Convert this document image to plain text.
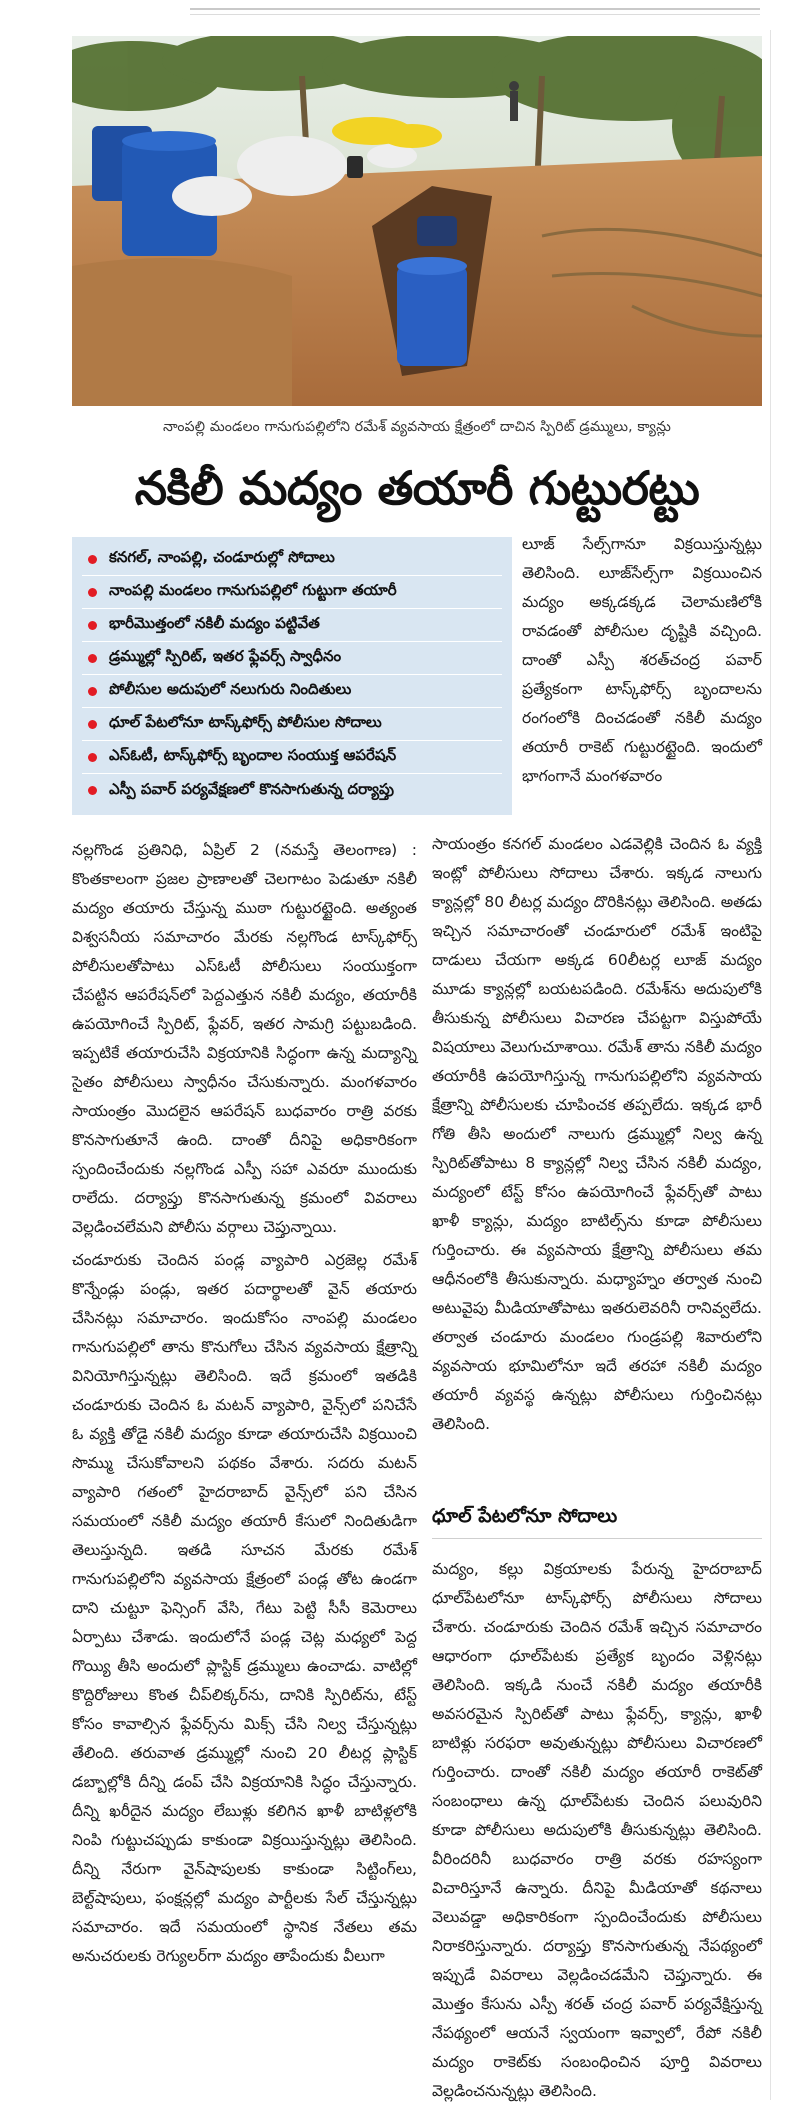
నాంపల్లి మండలం గానుగుపల్లిలోని రమేశ్ వ్యవసాయ క్షేత్రంలో దాచిన స్పిరిట్ డ్రమ్ములు, క్యాన్లు
నకిలీ మద్యం తయారీ గుట్టురట్టు
కనగల్, నాంపల్లి, చండూరుల్లో సోదాలు
నాంపల్లి మండలం గానుగుపల్లిలో గుట్టుగా తయారీ
భారీమొత్తంలో నకిలీ మద్యం పట్టివేత
డ్రమ్ముల్లో స్పిరిట్, ఇతర ఫ్లేవర్స్ స్వాధీనం
పోలీసుల అదుపులో నలుగురు నిందితులు
ధూల్ పేటలోనూ టాస్క్‌ఫోర్స్ పోలీసుల సోదాలు
ఎస్ఓటీ, టాస్క్‌ఫోర్స్ బృందాల సంయుక్త ఆపరేషన్
ఎస్పీ పవార్ పర్యవేక్షణలో కొనసాగుతున్న దర్యాప్తు

లూజ్ సేల్స్‌గానూ విక్రయిస్తున్నట్లు తెలిసింది. లూజ్‌సేల్స్‌గా విక్రయించిన మద్యం అక్కడక్కడ చెలామణిలోకి రావడంతో పోలీసుల దృష్టికి వచ్చింది. దాంతో ఎస్పీ శరత్‌చంద్ర పవార్ ప్రత్యేకంగా టాస్క్‌ఫోర్స్ బృందాలను రంగంలోకి దించడంతో నకిలీ మద్యం తయారీ రాకెట్ గుట్టురట్టైంది. ఇందులో భాగంగానే మంగళవారం

నల్లగొండ ప్రతినిధి, ఏప్రిల్ 2 (నమస్తే తెలంగాణ) : కొంతకాలంగా ప్రజల ప్రాణాలతో చెలగాటం పెడుతూ నకిలీ మద్యం తయారు చేస్తున్న ముఠా గుట్టురట్టైంది. అత్యంత విశ్వసనీయ సమాచారం మేరకు నల్లగొండ టాస్క్‌ఫోర్స్ పోలీసులతోపాటు ఎస్ఓటీ పోలీసులు సంయుక్తంగా చేపట్టిన ఆపరేషన్‌లో పెద్దఎత్తున నకిలీ మద్యం, తయారీకి ఉపయోగించే స్పిరిట్, ఫ్లేవర్, ఇతర సామగ్రి పట్టుబడింది. ఇప్పటికే తయారుచేసి విక్రయానికి సిద్ధంగా ఉన్న మద్యాన్ని సైతం పోలీసులు స్వాధీనం చేసుకున్నారు. మంగళవారం సాయంత్రం మొదలైన ఆపరేషన్ బుధవారం రాత్రి వరకు కొనసాగుతూనే ఉంది. దాంతో దీనిపై అధికారికంగా స్పందించేందుకు నల్లగొండ ఎస్పీ సహా ఎవరూ ముందుకు రాలేదు. దర్యాప్తు కొనసాగుతున్న క్రమంలో వివరాలు వెల్లడించలేమని పోలీసు వర్గాలు చెప్తున్నాయి.

చండూరుకు చెందిన పండ్ల వ్యాపారి ఎర్రజెల్ల రమేశ్ కొన్నేండ్లు పండ్లు, ఇతర పదార్థాలతో వైన్ తయారు చేసినట్లు సమాచారం. ఇందుకోసం నాంపల్లి మండలం గానుగుపల్లిలో తాను కొనుగోలు చేసిన వ్యవసాయ క్షేత్రాన్ని వినియోగిస్తున్నట్లు తెలిసింది. ఇదే క్రమంలో ఇతడికి చండూరుకు చెందిన ఓ మటన్ వ్యాపారి, వైన్స్‌లో పనిచేసే ఓ వ్యక్తి తోడై నకిలీ మద్యం కూడా తయారుచేసి విక్రయించి సొమ్ము చేసుకోవాలని పథకం వేశారు. సదరు మటన్ వ్యాపారి గతంలో హైదరాబాద్ వైన్స్‌లో పని చేసిన సమయంలో నకిలీ మద్యం తయారీ కేసులో నిందితుడిగా తెలుస్తున్నది. ఇతడి సూచన మేరకు రమేశ్ గానుగుపల్లిలోని వ్యవసాయ క్షేత్రంలో పండ్ల తోట ఉండగా దాని చుట్టూ ఫెన్సింగ్ వేసి, గేటు పెట్టి సీసీ కెమెరాలు ఏర్పాటు చేశాడు. ఇందులోనే పండ్ల చెట్ల మధ్యలో పెద్ద గొయ్యి తీసి అందులో ప్లాస్టిక్ డ్రమ్ములు ఉంచాడు. వాటిల్లో కొద్దిరోజులు కొంత చీప్‌లిక్కర్‌ను, దానికి స్పిరిట్‌ను, టేస్ట్ కోసం కావాల్సిన ఫ్లేవర్స్‌ను మిక్స్ చేసి నిల్వ చేస్తున్నట్లు తేలింది. తరువాత డ్రమ్ముల్లో నుంచి 20 లీటర్ల ప్లాస్టిక్ డబ్బాల్లోకి దీన్ని డంప్ చేసి విక్రయానికి సిద్ధం చేస్తున్నారు. దీన్ని ఖరీదైన మద్యం లేబుళ్లు కలిగిన ఖాళీ బాటిళ్లలోకి నింపి గుట్టుచప్పుడు కాకుండా విక్రయిస్తున్నట్లు తెలిసింది. దీన్ని నేరుగా వైన్‌షాపులకు కాకుండా సిట్టింగ్‌లు, బెల్ట్‌షాపులు, ఫంక్షన్లల్లో మద్యం పార్టీలకు సేల్ చేస్తున్నట్లు సమాచారం. ఇదే సమయంలో స్థానిక నేతలు తమ అనుచరులకు రెగ్యులర్‌గా మద్యం తాపేందుకు వీలుగా

సాయంత్రం కనగల్ మండలం ఎడవెల్లికి చెందిన ఓ వ్యక్తి ఇంట్లో పోలీసులు సోదాలు చేశారు. ఇక్కడ నాలుగు క్యాన్లల్లో 80 లీటర్ల మద్యం దొరికినట్లు తెలిసింది. అతడు ఇచ్చిన సమాచారంతో చండూరులో రమేశ్ ఇంటిపై దాడులు చేయగా అక్కడ 60లీటర్ల లూజ్ మద్యం మూడు క్యాన్లల్లో బయటపడింది. రమేశ్‌ను అదుపులోకి తీసుకున్న పోలీసులు విచారణ చేపట్టగా విస్తుపోయే విషయాలు వెలుగుచూశాయి. రమేశ్ తాను నకిలీ మద్యం తయారీకి ఉపయోగిస్తున్న గానుగుపల్లిలోని వ్యవసాయ క్షేత్రాన్ని పోలీసులకు చూపించక తప్పలేదు. ఇక్కడ భారీ గోతి తీసి అందులో నాలుగు డ్రమ్ముల్లో నిల్వ ఉన్న స్పిరిట్‌తోపాటు 8 క్యాన్లల్లో నిల్వ చేసిన నకిలీ మద్యం, మద్యంలో టేస్ట్ కోసం ఉపయోగించే ఫ్లేవర్స్‌తో పాటు ఖాళీ క్యాన్లు, మద్యం బాటిల్స్‌ను కూడా పోలీసులు గుర్తించారు. ఈ వ్యవసాయ క్షేత్రాన్ని పోలీసులు తమ ఆధీనంలోకి తీసుకున్నారు. మధ్యాహ్నం తర్వాత నుంచి అటువైపు మీడియాతోపాటు ఇతరులెవరినీ రానివ్వలేదు. తర్వాత చండూరు మండలం గుండ్రపల్లి శివారులోని వ్యవసాయ భూమిలోనూ ఇదే తరహా నకిలీ మద్యం తయారీ వ్యవస్థ ఉన్నట్లు పోలీసులు గుర్తించినట్లు తెలిసింది.

ధూల్ పేటలోనూ సోదాలు

మద్యం, కల్లు విక్రయాలకు పేరున్న హైదరాబాద్ ధూల్‌పేటలోనూ టాస్క్‌ఫోర్స్ పోలీసులు సోదాలు చేశారు. చండూరుకు చెందిన రమేశ్ ఇచ్చిన సమాచారం ఆధారంగా ధూల్‌పేటకు ప్రత్యేక బృందం వెళ్లినట్లు తెలిసింది. ఇక్కడి నుంచే నకిలీ మద్యం తయారీకి అవసరమైన స్పిరిట్‌తో పాటు ఫ్లేవర్స్, క్యాన్లు, ఖాళీ బాటిళ్లు సరఫరా అవుతున్నట్లు పోలీసులు విచారణలో గుర్తించారు. దాంతో నకిలీ మద్యం తయారీ రాకెట్‌తో సంబంధాలు ఉన్న ధూల్‌పేటకు చెందిన పలువురిని కూడా పోలీసులు అదుపులోకి తీసుకున్నట్లు తెలిసింది. వీరిందరినీ బుధవారం రాత్రి వరకు రహస్యంగా విచారిస్తూనే ఉన్నారు. దీనిపై మీడియాతో కథనాలు వెలువడ్డా అధికారికంగా స్పందించేందుకు పోలీసులు నిరాకరిస్తున్నారు. దర్యాప్తు కొనసాగుతున్న నేపథ్యంలో ఇప్పుడే వివరాలు వెల్లడించడమేని చెప్తున్నారు. ఈ మొత్తం కేసును ఎస్పీ శరత్ చంద్ర పవార్ పర్యవేక్షిస్తున్న నేపథ్యంలో ఆయనే స్వయంగా ఇవ్వాలో, రేపో నకిలీ మద్యం రాకెట్‌కు సంబంధించిన పూర్తి వివరాలు వెల్లడించనున్నట్లు తెలిసింది.
